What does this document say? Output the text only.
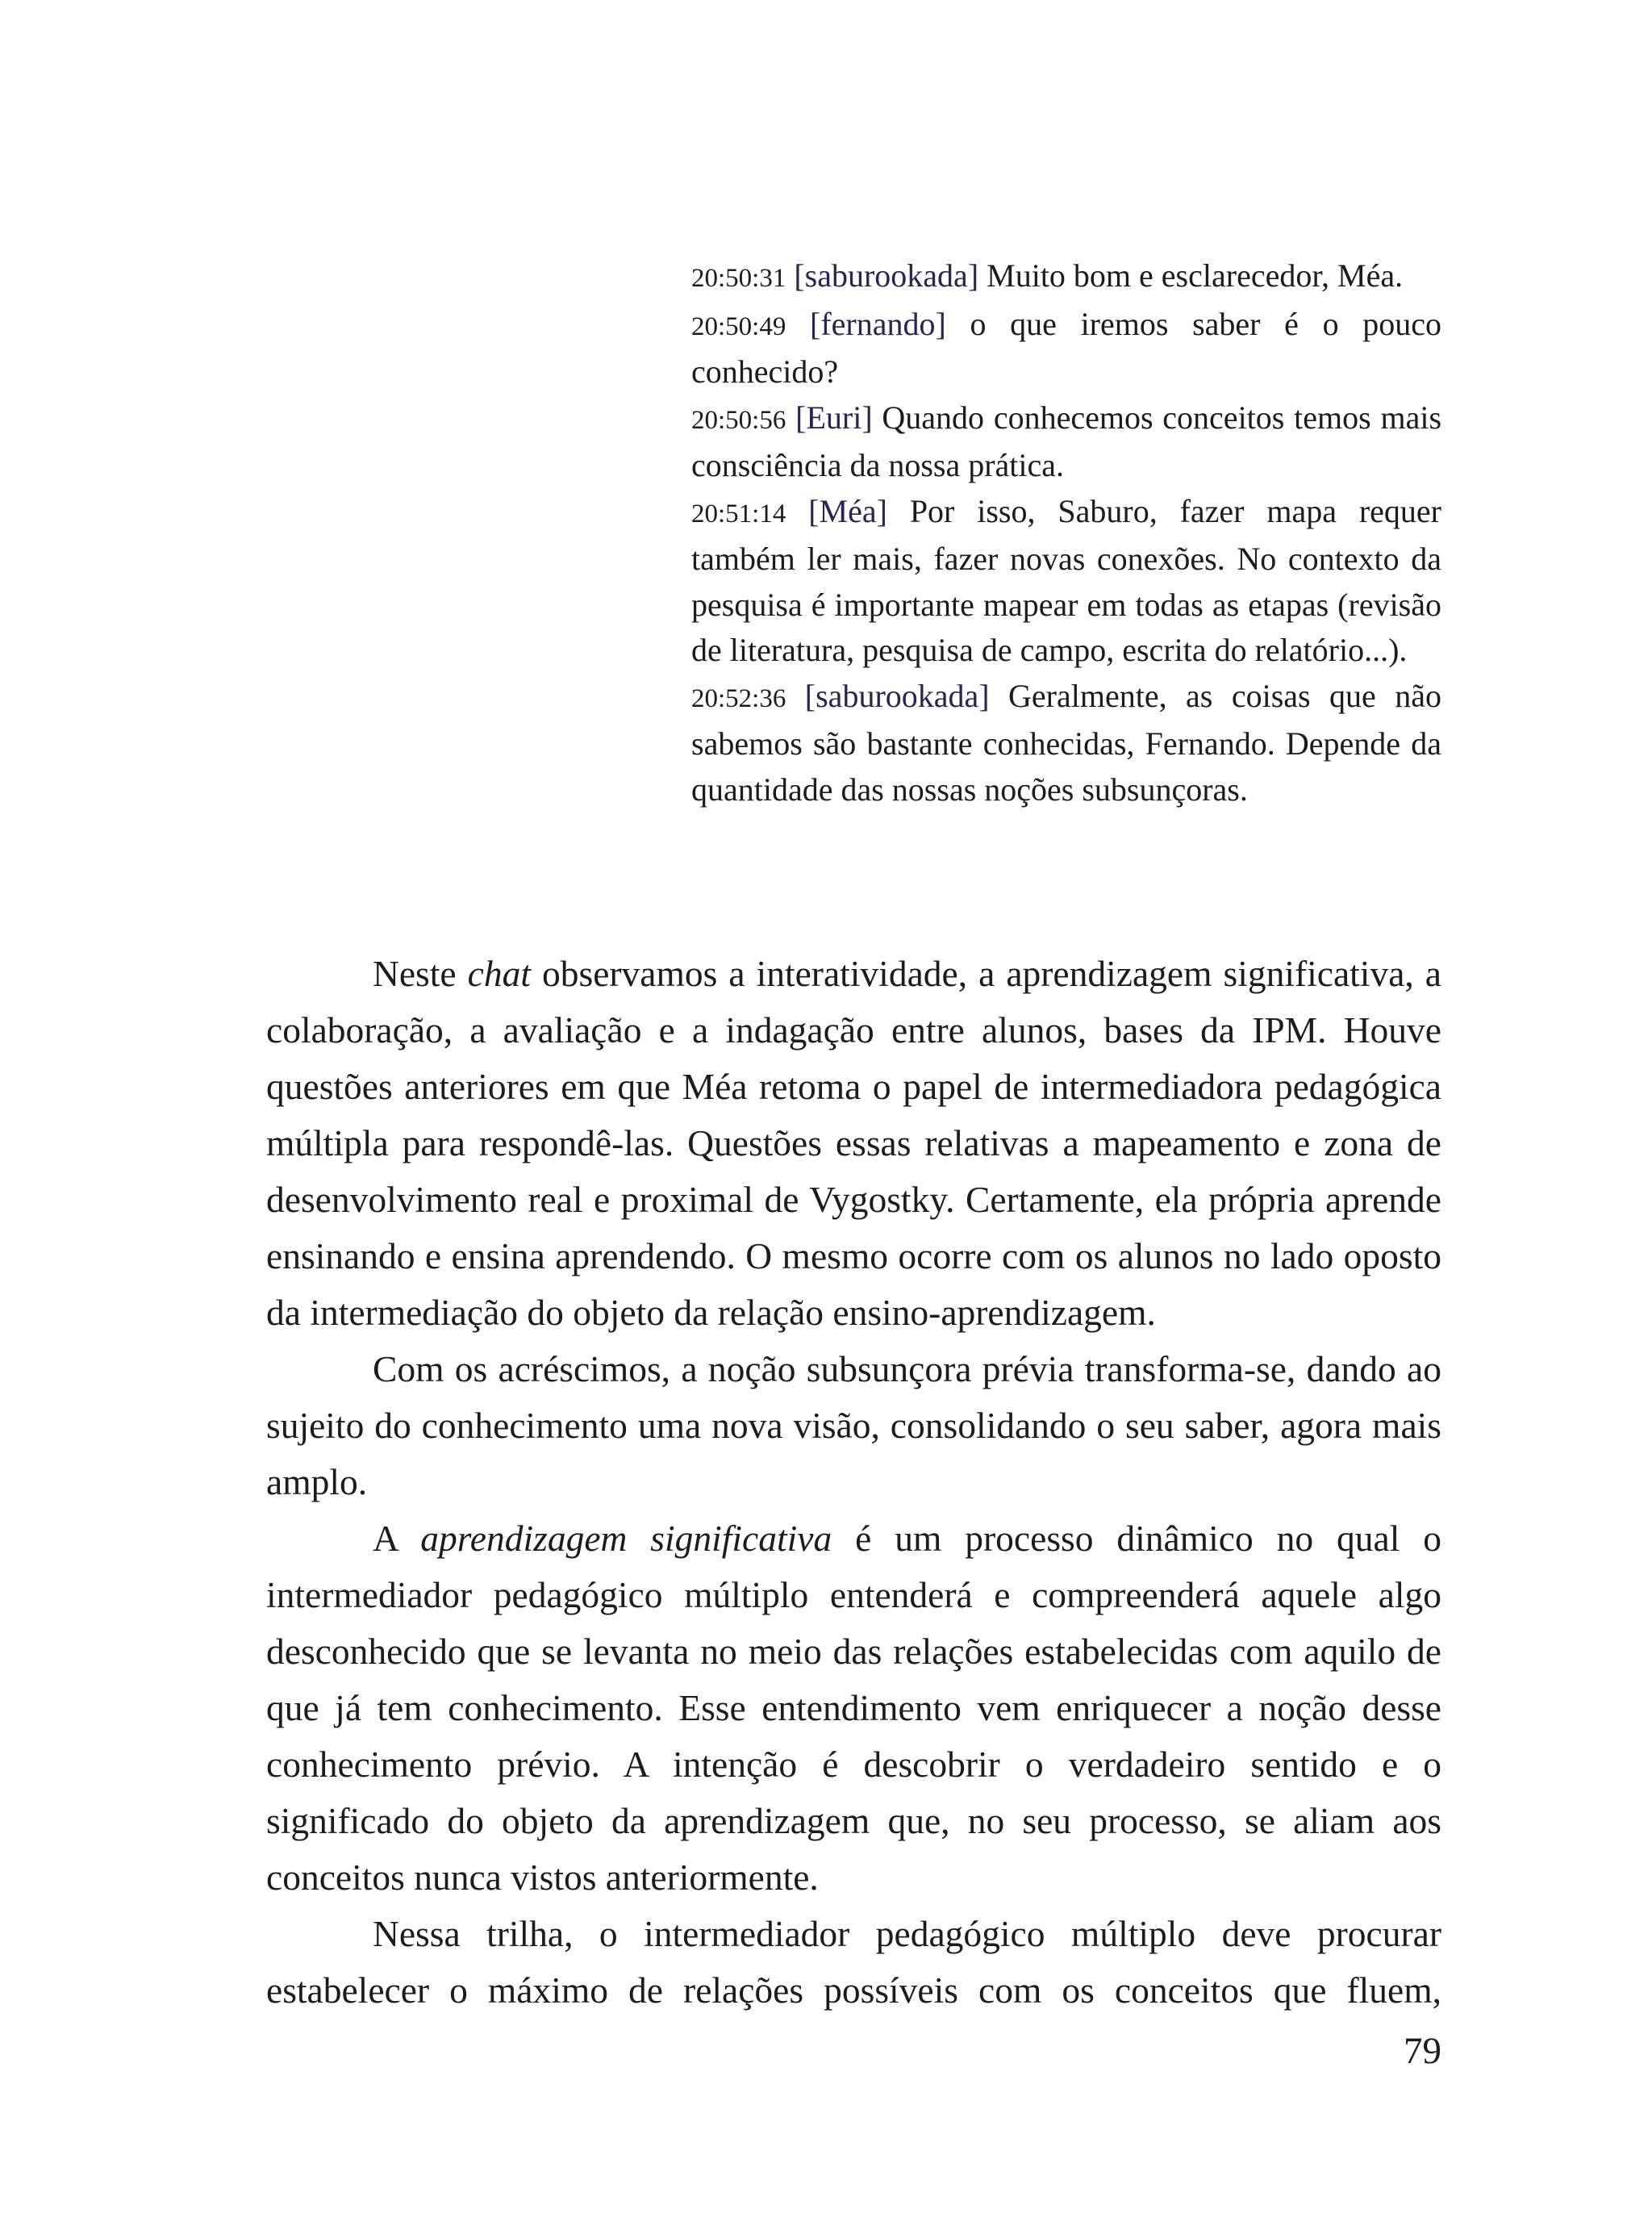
20:50:31 [saburookada] Muito bom e esclarecedor, Méa.

20:50:49 [fernando] o que iremos saber é o pouco conhecido?

20:50:56 [Euri] Quando conhecemos conceitos temos mais consciência da nossa prática.

20:51:14 [Méa] Por isso, Saburo, fazer mapa requer também ler mais, fazer novas conexões. No contexto da pesquisa é importante mapear em todas as etapas (revisão de literatura, pesquisa de campo, escrita do relatório...).

20:52:36 [saburookada] Geralmente, as coisas que não sabemos são bastante conhecidas, Fernando. Depende da quantidade das nossas noções subsunçoras.

Neste chat observamos a interatividade, a aprendizagem significativa, a colaboração, a avaliação e a indagação entre alunos, bases da IPM. Houve questões anteriores em que Méa retoma o papel de intermediadora pedagógica múltipla para respondê-las. Questões essas relativas a mapeamento e zona de desenvolvimento real e proximal de Vygostky. Certamente, ela própria aprende ensinando e ensina aprendendo. O mesmo ocorre com os alunos no lado oposto da intermediação do objeto da relação ensino-aprendizagem.

Com os acréscimos, a noção subsunçora prévia transforma-se, dando ao sujeito do conhecimento uma nova visão, consolidando o seu saber, agora mais amplo.

A aprendizagem significativa é um processo dinâmico no qual o intermediador pedagógico múltiplo entenderá e compreenderá aquele algo desconhecido que se levanta no meio das relações estabelecidas com aquilo de que já tem conhecimento. Esse entendimento vem enriquecer a noção desse conhecimento prévio. A intenção é descobrir o verdadeiro sentido e o significado do objeto da aprendizagem que, no seu processo, se aliam aos conceitos nunca vistos anteriormente.

Nessa trilha, o intermediador pedagógico múltiplo deve procurar estabelecer o máximo de relações possíveis com os conceitos que fluem,

79
